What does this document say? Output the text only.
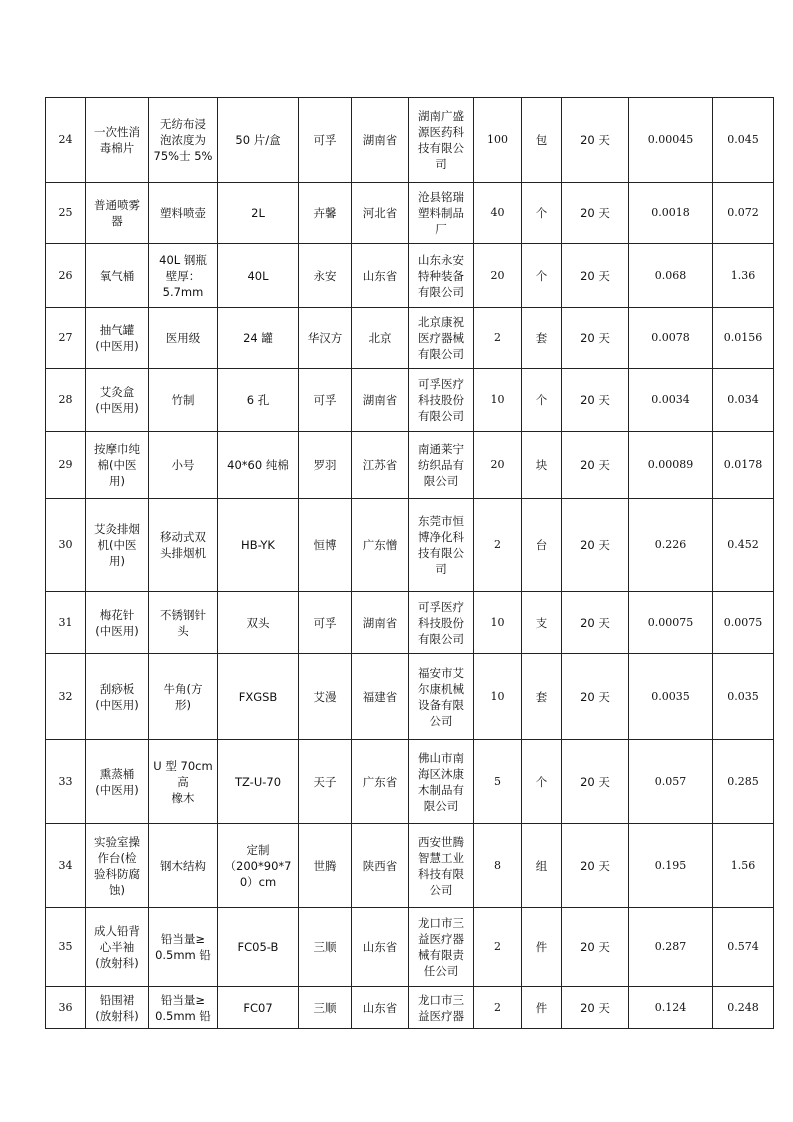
24	一次性消
毒棉片	无纺布浸
泡浓度为
75%士 5%	50 片/盒	可孚	湖南省	湖南广盛
源医药科
技有限公
司	100	包	20 天	0.00045	0.045
25	普通喷雾
器	塑料喷壶	2L	卉馨	河北省	沧县铭瑞
塑料制品
厂	40	个	20 天	0.0018	0.072
26	氧气桶	40L 钢瓶
壁厚：
5.7mm	40L	永安	山东省	山东永安
特种装备
有限公司	20	个	20 天	0.068	1.36
27	抽气罐
(中医用)	医用级	24 罐	华汉方	北京	北京康祝
医疗器械
有限公司	2	套	20 天	0.0078	0.0156
28	艾灸盒
(中医用)	竹制	6 孔	可孚	湖南省	可孚医疗
科技股份
有限公司	10	个	20 天	0.0034	0.034
29	按摩巾纯
棉(中医
用)	小号	40*60 纯棉	罗羽	江苏省	南通莱宁
纺织品有
限公司	20	块	20 天	0.00089	0.0178
30	艾灸排烟
机(中医
用)	移动式双
头排烟机	HB-YK	恒博	广东憎	东莞市恒
博净化科
技有限公
司	2	台	20 天	0.226	0.452
31	梅花针
(中医用)	不锈钢针
头	双头	可孚	湖南省	可孚医疗
科技股份
有限公司	10	支	20 天	0.00075	0.0075
32	刮痧板
(中医用)	牛角(方
形)	FXGSB	艾漫	福建省	福安市艾
尔康机械
设备有限
公司	10	套	20 天	0.0035	0.035
33	熏蒸桶
(中医用)	U 型 70cm
高
橡木	TZ-U-70	天子	广东省	佛山市南
海区沐康
木制品有
限公司	5	个	20 天	0.057	0.285
34	实验室操
作台(检
验科防腐
蚀)	钢木结构	定制
（200*90*7
0）cm	世腾	陕西省	西安世腾
智慧工业
科技有限
公司	8	组	20 天	0.195	1.56
35	成人铅背
心半袖
(放射科)	铅当量≥
0.5mm 铅	FC05-B	三顺	山东省	龙口市三
益医疗器
械有限责
任公司	2	件	20 天	0.287	0.574
36	铅围裙
(放射科)	铅当量≥
0.5mm 铅	FC07	三顺	山东省	龙口市三
益医疗器	2	件	20 天	0.124	0.248
